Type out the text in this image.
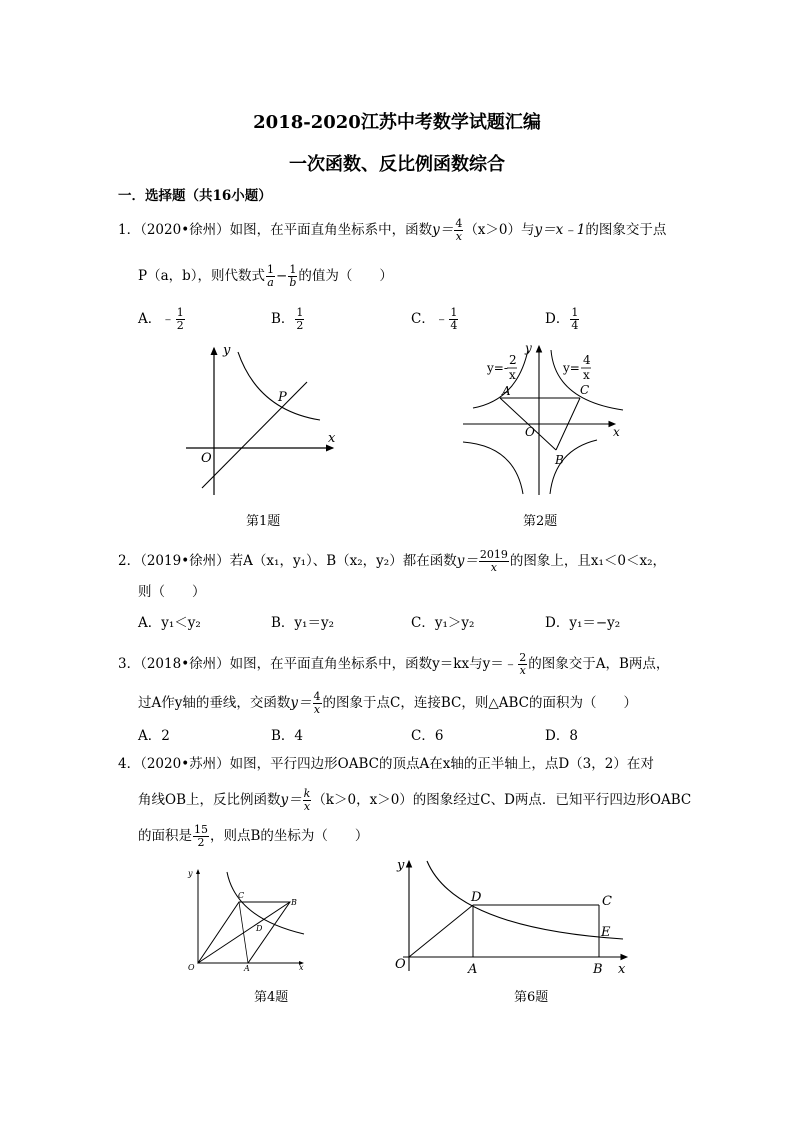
2018-2020江苏中考数学试题汇编
一次函数、反比例函数综合
一．选择题（共16小题）
1．（2020•徐州）如图，在平面直角坐标系中，函数$y= \frac{4}{x} (x>0)$与y＝x﹣1的图象交于点
P（a，b），则代数式 $\frac{1}{a} - \frac{1}{b}$ 的值为（　　）
A．﹣ $\frac{1}{2}$	B． $\frac{1}{2}$	C．﹣ $\frac{1}{4}$	D． $\frac{1}{4}$
y
x
O
P
第1题
y=-
2
x	y=
4
x
y
x
O
A
B
C
第2题
2．（2019•徐州）若A（x₁，y₁）、B（x₂，y₂）都在函数$y= \frac{2019}{x}$ 的图象上，且x₁＜0＜x₂，
则（　　）
A．y₁＜y₂	B．y₁＝y₂	C．y₁＞y₂	D．y₁＝−y₂
3．（2018•徐州）如图，在平面直角坐标系中，函数y＝kx与y＝﹣ $\frac{2}{x}$ 的图象交于A，B两点，
过A作y轴的垂线，交函数$y= \frac{4}{x}$ 的图象于点C，连接BC，则△ABC的面积为（　　）
A．2	B．4	C．6	D．8
4．（2020•苏州）如图，平行四边形OABC的顶点A在x轴的正半轴上，点D（3，2）在对
角线OB上，反比例函数$y= \frac{k}{x} (k>0$，x＞0）的图象经过C、D两点．已知平行四边形OABC
的面积是 $\frac{15}{2}$ ，则点B的坐标为（　　）
y
x
O	A
B
C
D
第4题
y
x
O	A	B
C
D
E
第6题
